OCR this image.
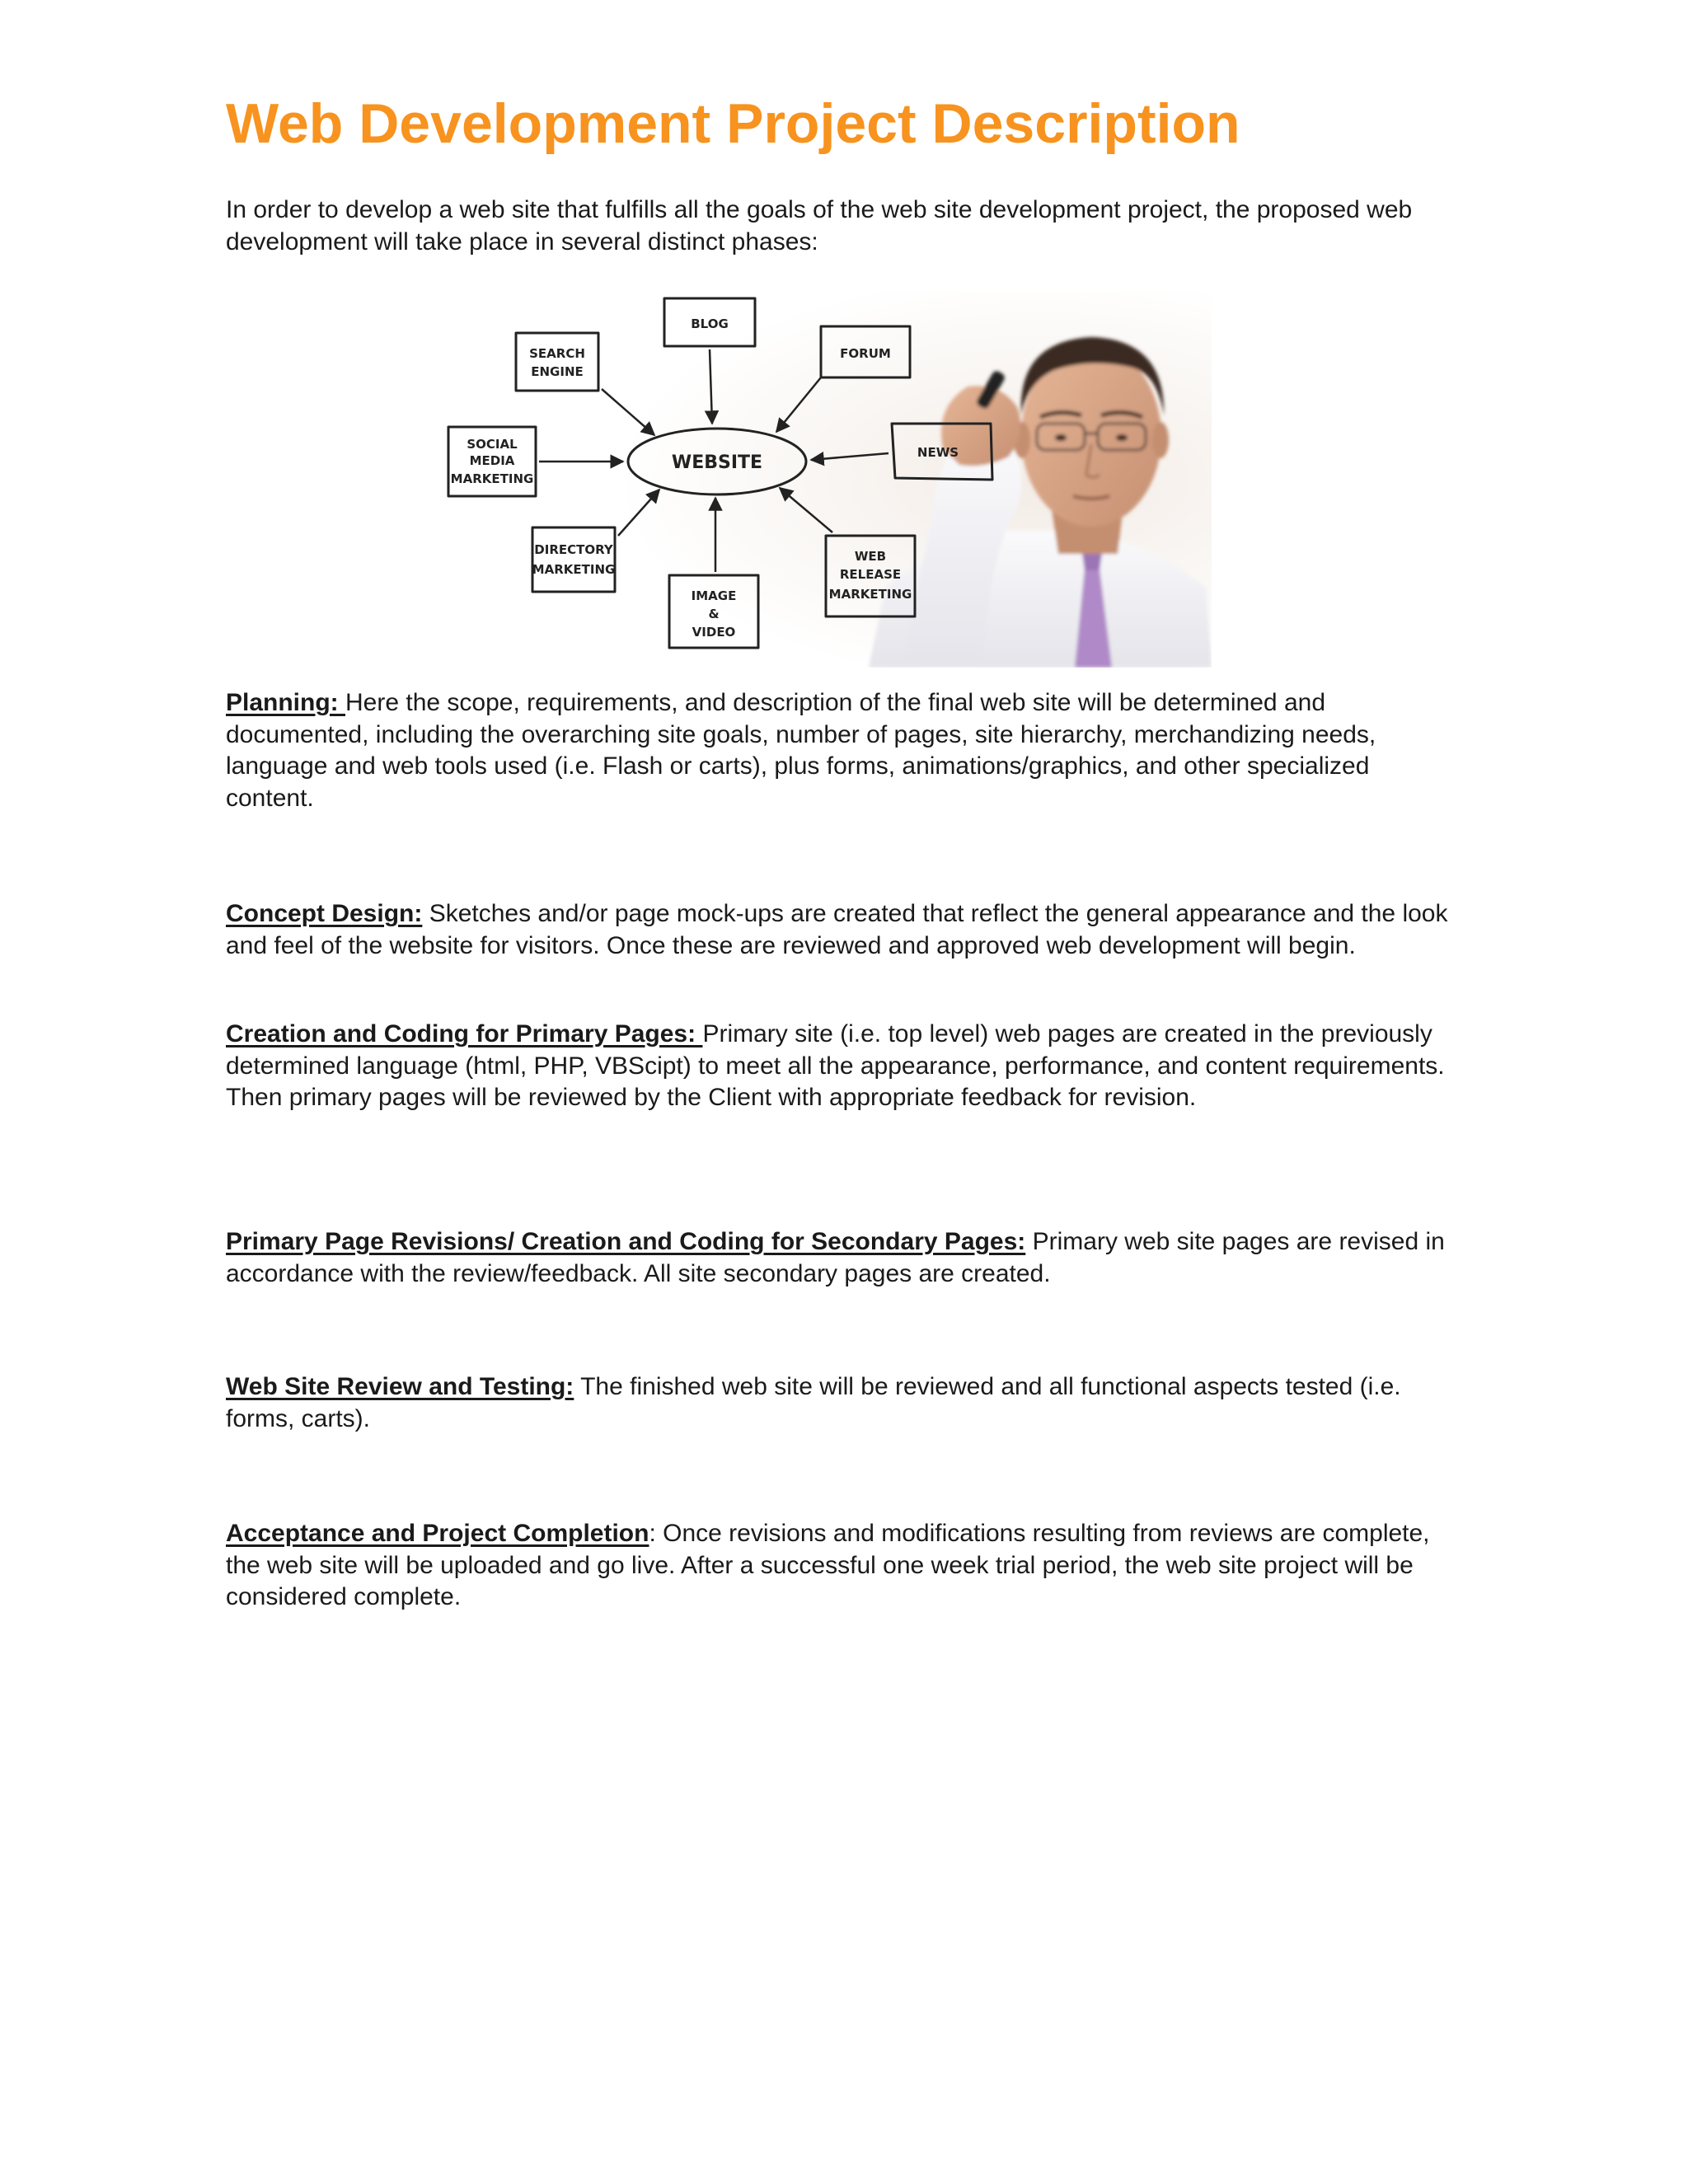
Web Development Project Description

In order to develop a web site that fulfills all the goals of the web site development project, the proposed web development will take place in several distinct phases:

WEBSITE
BLOG
FORUM
SEARCH
ENGINE
SOCIAL
MEDIA
MARKETING
NEWS
DIRECTORY
MARKETING
IMAGE
&
VIDEO
WEB
RELEASE
MARKETING

Planning: Here the scope, requirements, and description of the final web site will be determined and documented, including the overarching site goals, number of pages, site hierarchy, merchandizing needs, language and web tools used (i.e. Flash or carts), plus forms, animations/graphics, and other specialized content.

Concept Design: Sketches and/or page mock-ups are created that reflect the general appearance and the look and feel of the website for visitors. Once these are reviewed and approved web development will begin.

Creation and Coding for Primary Pages: Primary site (i.e. top level) web pages are created in the previously determined language (html, PHP, VBScipt) to meet all the appearance, performance, and content requirements. Then primary pages will be reviewed by the Client with appropriate feedback for revision.

Primary Page Revisions/ Creation and Coding for Secondary Pages: Primary web site pages are revised in accordance with the review/feedback. All site secondary pages are created.

Web Site Review and Testing: The finished web site will be reviewed and all functional aspects tested (i.e. forms, carts).

Acceptance and Project Completion: Once revisions and modifications resulting from reviews are complete, the web site will be uploaded and go live. After a successful one week trial period, the web site project will be considered complete.
